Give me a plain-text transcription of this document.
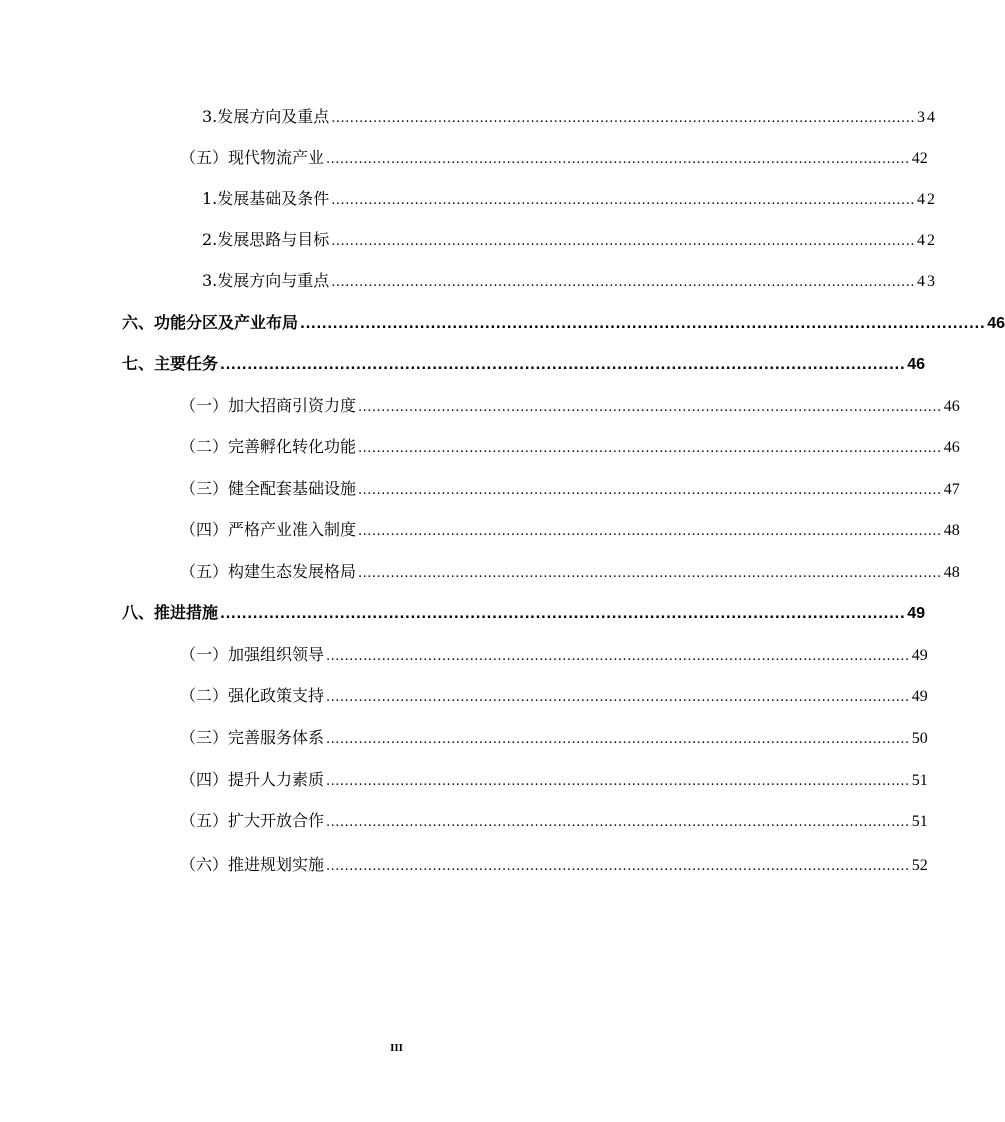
3.发展方向及重点 .............................................................................................................................. 34
（五）现代物流产业 .............................................................................................................................. 42
1.发展基础及条件 .............................................................................................................................. 42
2.发展思路与目标 .............................................................................................................................. 42
3.发展方向与重点 .............................................................................................................................. 43
六、功能分区及产业布局 .............................................................................................................................. 46
七、主要任务 .............................................................................................................................. 46
（一）加大招商引资力度 .............................................................................................................................. 46
（二）完善孵化转化功能 .............................................................................................................................. 46
（三）健全配套基础设施 .............................................................................................................................. 47
（四）严格产业准入制度 .............................................................................................................................. 48
（五）构建生态发展格局 .............................................................................................................................. 48
八、推进措施 .............................................................................................................................. 49
（一）加强组织领导 .............................................................................................................................. 49
（二）强化政策支持 .............................................................................................................................. 49
（三）完善服务体系 .............................................................................................................................. 50
（四）提升人力素质 .............................................................................................................................. 51
（五）扩大开放合作 .............................................................................................................................. 51
（六）推进规划实施 .............................................................................................................................. 52
III
